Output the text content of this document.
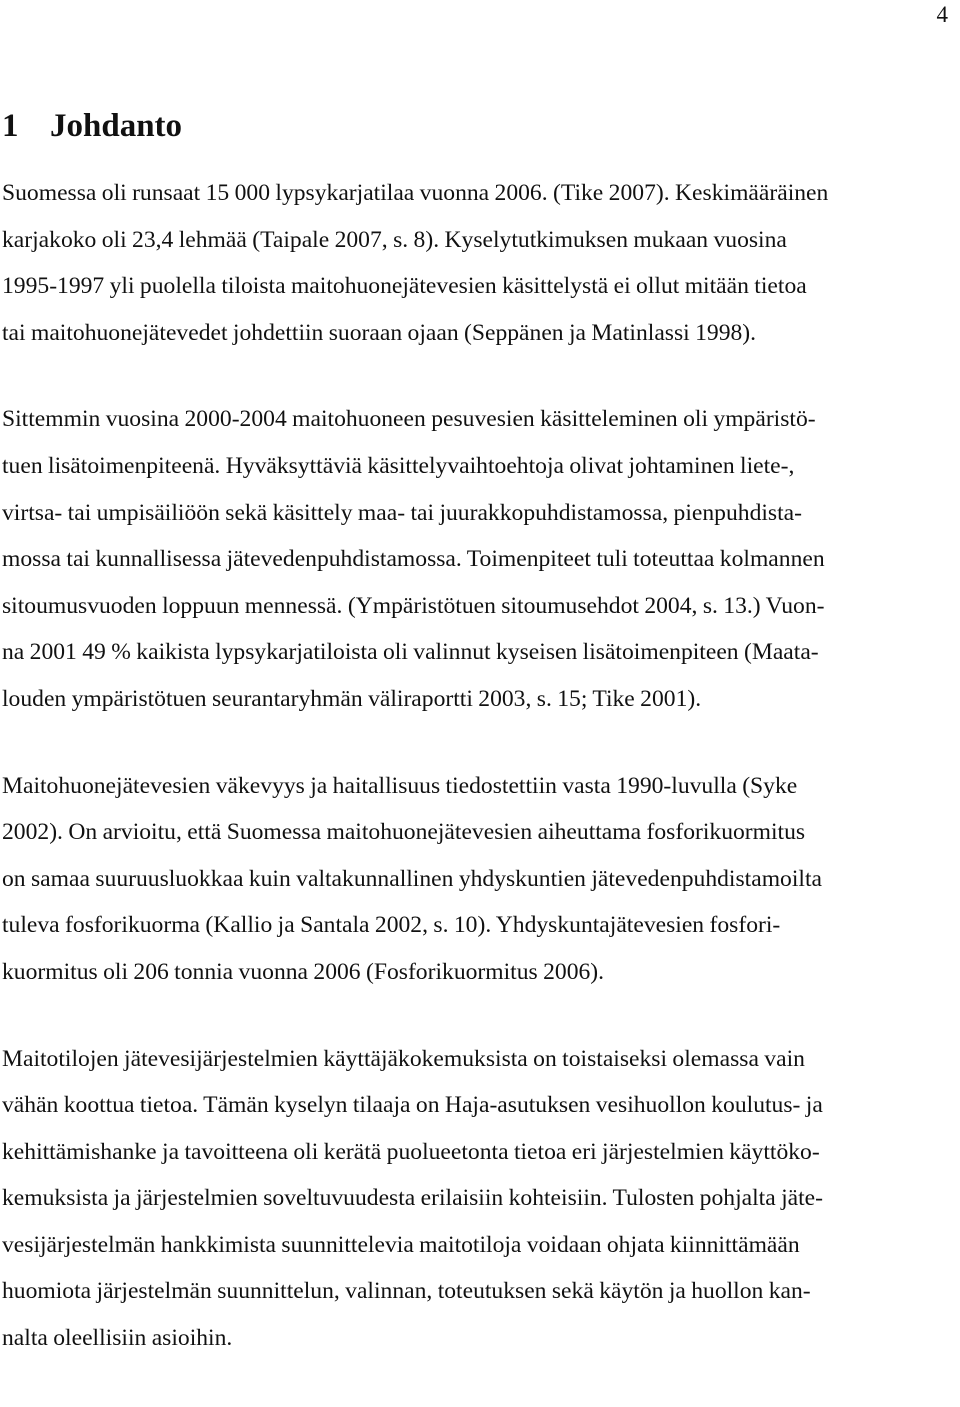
4
1 Johdanto

Suomessa oli runsaat 15 000 lypsykarjatilaa vuonna 2006. (Tike 2007). Keskimääräinen
karjakoko oli 23,4 lehmää (Taipale 2007, s. 8). Kyselytutkimuksen mukaan vuosina
1995-1997 yli puolella tiloista maitohuonejätevesien käsittelystä ei ollut mitään tietoa
tai maitohuonejätevedet johdettiin suoraan ojaan (Seppänen ja Matinlassi 1998).

Sittemmin vuosina 2000-2004 maitohuoneen pesuvesien käsitteleminen oli ympäristö-
tuen lisätoimenpiteenä. Hyväksyttäviä käsittelyvaihtoehtoja olivat johtaminen liete-,
virtsa- tai umpisäiliöön sekä käsittely maa- tai juurakkopuhdistamossa, pienpuhdista-
mossa tai kunnallisessa jätevedenpuhdistamossa. Toimenpiteet tuli toteuttaa kolmannen
sitoumusvuoden loppuun mennessä. (Ympäristötuen sitoumusehdot 2004, s. 13.) Vuon-
na 2001 49 % kaikista lypsykarjatiloista oli valinnut kyseisen lisätoimenpiteen (Maata-
louden ympäristötuen seurantaryhmän väliraportti 2003, s. 15; Tike 2001).

Maitohuonejätevesien väkevyys ja haitallisuus tiedostettiin vasta 1990-luvulla (Syke
2002). On arvioitu, että Suomessa maitohuonejätevesien aiheuttama fosforikuormitus
on samaa suuruusluokkaa kuin valtakunnallinen yhdyskuntien jätevedenpuhdistamoilta
tuleva fosforikuorma (Kallio ja Santala 2002, s. 10). Yhdyskuntajätevesien fosfori-
kuormitus oli 206 tonnia vuonna 2006 (Fosforikuormitus 2006).

Maitotilojen jätevesijärjestelmien käyttäjäkokemuksista on toistaiseksi olemassa vain
vähän koottua tietoa. Tämän kyselyn tilaaja on Haja-asutuksen vesihuollon koulutus- ja
kehittämishanke ja tavoitteena oli kerätä puolueetonta tietoa eri järjestelmien käyttöko-
kemuksista ja järjestelmien soveltuvuudesta erilaisiin kohteisiin. Tulosten pohjalta jäte-
vesijärjestelmän hankkimista suunnittelevia maitotiloja voidaan ohjata kiinnittämään
huomiota järjestelmän suunnittelun, valinnan, toteutuksen sekä käytön ja huollon kan-
nalta oleellisiin asioihin.
